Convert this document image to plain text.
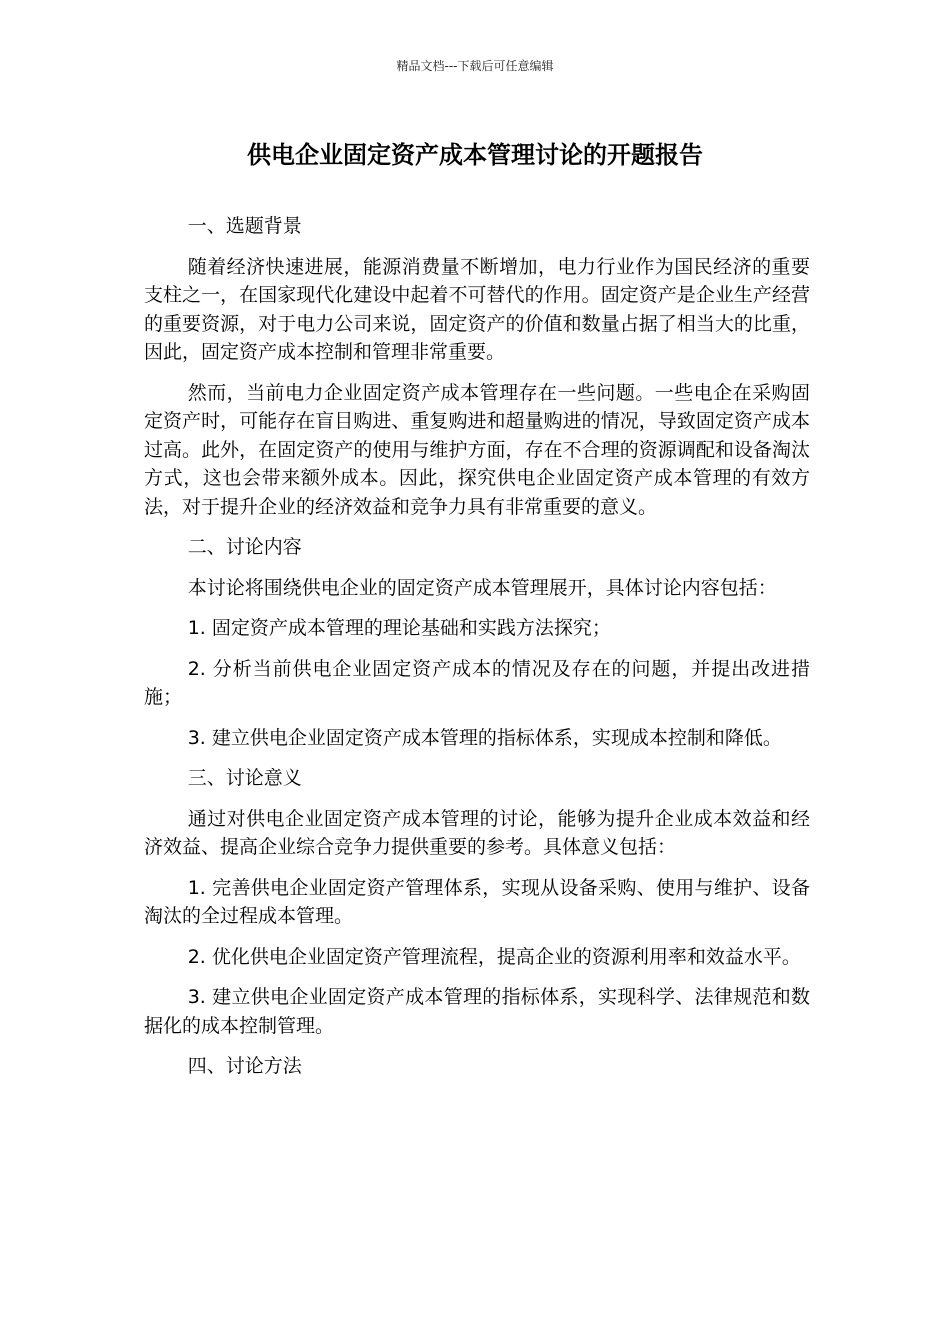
精品文档---下载后可任意编辑
供电企业固定资产成本管理讨论的开题报告
一、选题背景

随着经济快速进展，能源消费量不断增加，电力行业作为国民经济的重要支柱之一，在国家现代化建设中起着不可替代的作用。固定资产是企业生产经营的重要资源，对于电力公司来说，固定资产的价值和数量占据了相当大的比重，因此，固定资产成本控制和管理非常重要。

然而，当前电力企业固定资产成本管理存在一些问题。一些电企在采购固定资产时，可能存在盲目购进、重复购进和超量购进的情况，导致固定资产成本过高。此外，在固定资产的使用与维护方面，存在不合理的资源调配和设备淘汰方式，这也会带来额外成本。因此，探究供电企业固定资产成本管理的有效方法，对于提升企业的经济效益和竞争力具有非常重要的意义。

二、讨论内容

本讨论将围绕供电企业的固定资产成本管理展开，具体讨论内容包括：

1. 固定资产成本管理的理论基础和实践方法探究；

2. 分析当前供电企业固定资产成本的情况及存在的问题，并提出改进措施；

3. 建立供电企业固定资产成本管理的指标体系，实现成本控制和降低。

三、讨论意义

通过对供电企业固定资产成本管理的讨论，能够为提升企业成本效益和经济效益、提高企业综合竞争力提供重要的参考。具体意义包括：

1. 完善供电企业固定资产管理体系，实现从设备采购、使用与维护、设备淘汰的全过程成本管理。

2. 优化供电企业固定资产管理流程，提高企业的资源利用率和效益水平。

3. 建立供电企业固定资产成本管理的指标体系，实现科学、法律规范和数据化的成本控制管理。

四、讨论方法
